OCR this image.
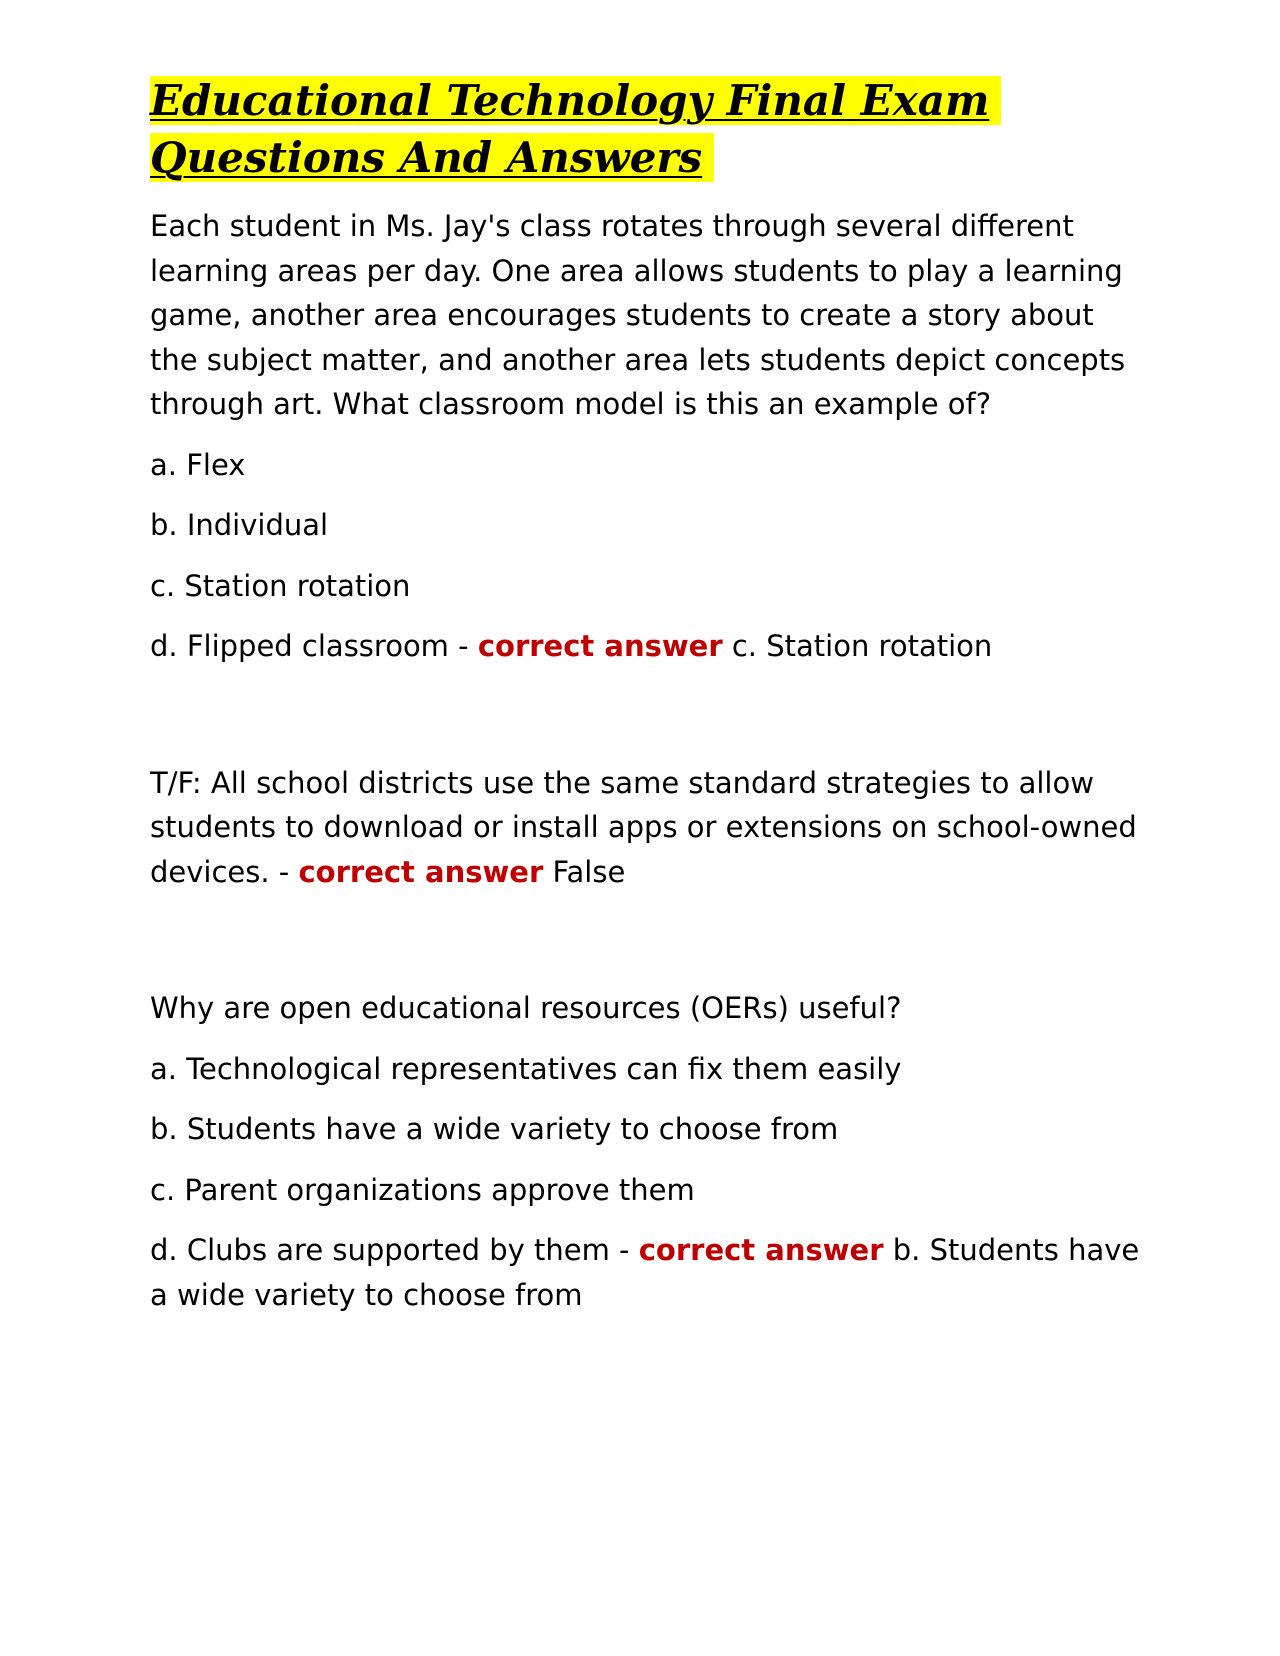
Educational Technology Final Exam
Questions And Answers

Each student in Ms. Jay's class rotates through several different learning areas per day. One area allows students to play a learning game, another area encourages students to create a story about the subject matter, and another area lets students depict concepts through art. What classroom model is this an example of?

a. Flex

b. Individual

c. Station rotation

d. Flipped classroom - correct answer c. Station rotation

T/F: All school districts use the same standard strategies to allow students to download or install apps or extensions on school-owned devices. - correct answer False

Why are open educational resources (OERs) useful?

a. Technological representatives can fix them easily

b. Students have a wide variety to choose from

c. Parent organizations approve them

d. Clubs are supported by them - correct answer b. Students have a wide variety to choose from
